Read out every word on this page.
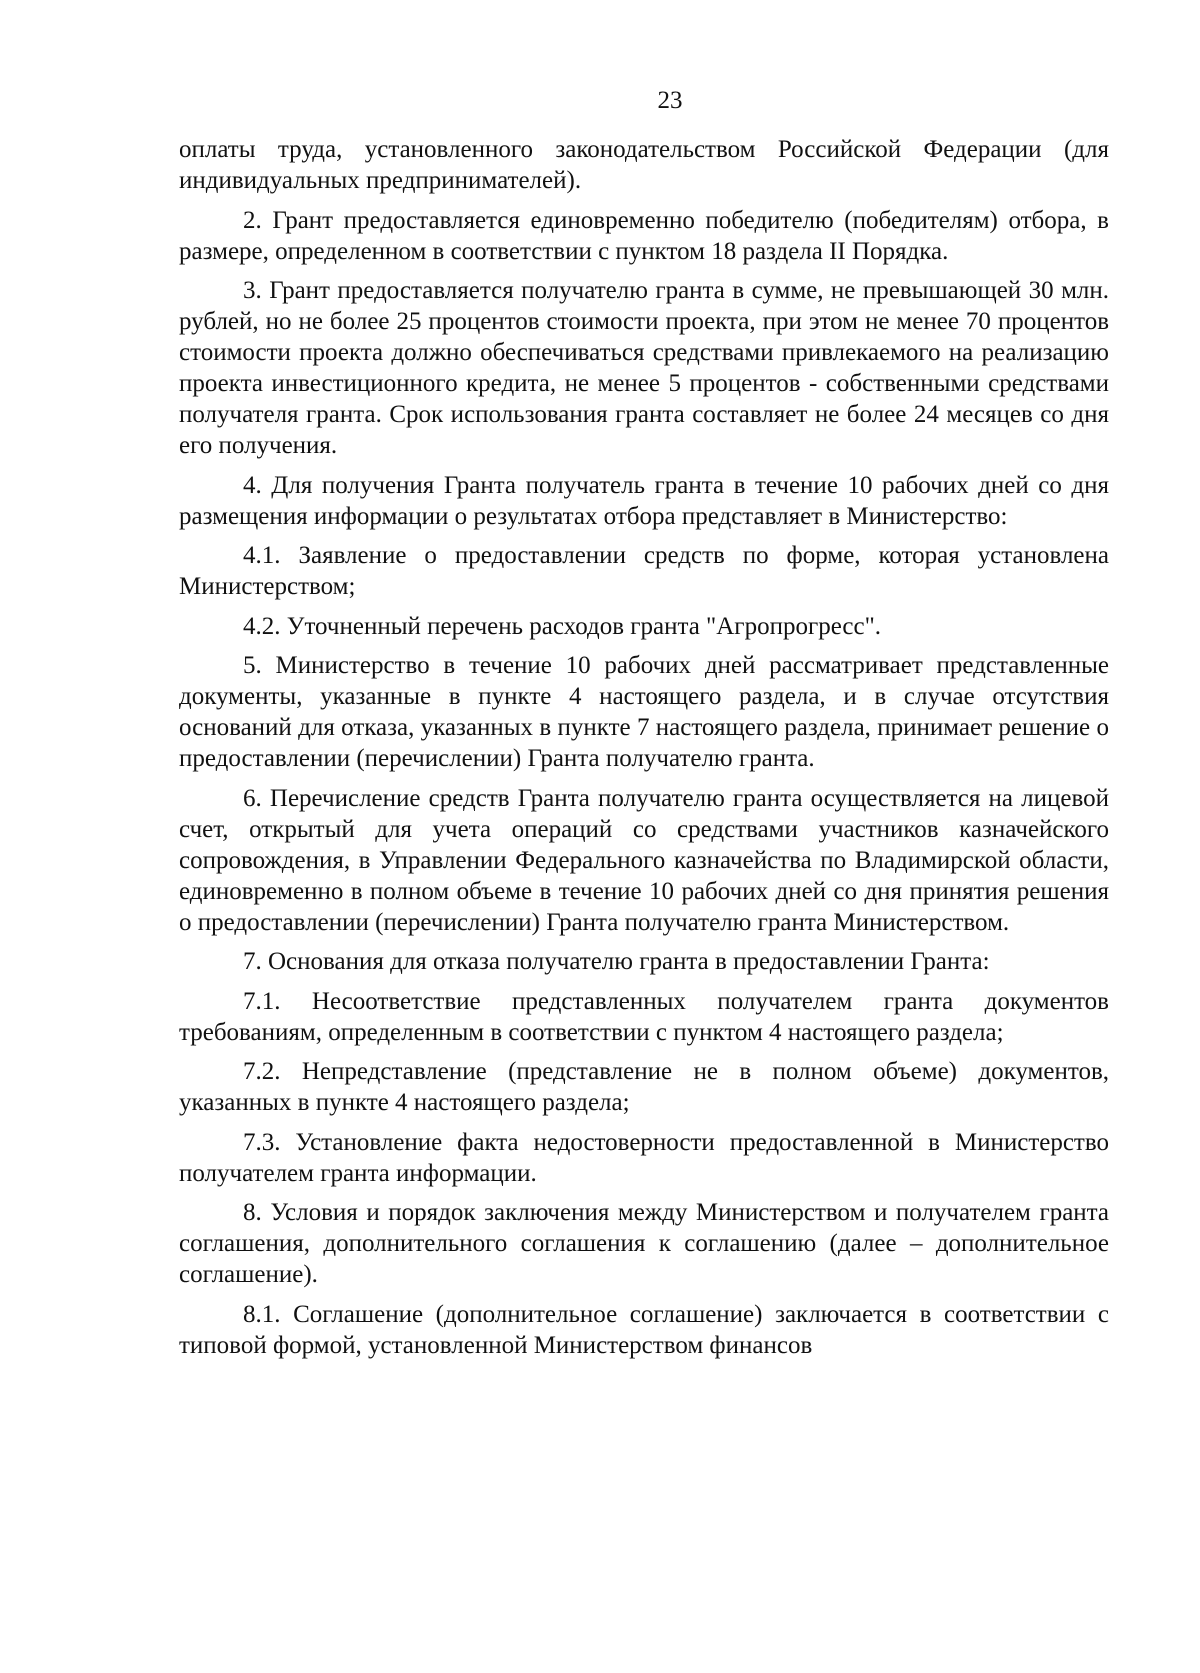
23

оплаты труда, установленного законодательством Российской Федерации (для индивидуальных предпринимателей).

2. Грант предоставляется единовременно победителю (победителям) отбора, в размере, определенном в соответствии с пунктом 18 раздела II Порядка.

3. Грант предоставляется получателю гранта в сумме, не превышающей 30 млн. рублей, но не более 25 процентов стоимости проекта, при этом не менее 70 процентов стоимости проекта должно обеспечиваться средствами привлекаемого на реализацию проекта инвестиционного кредита, не менее 5 процентов - собственными средствами получателя гранта. Срок использования гранта составляет не более 24 месяцев со дня его получения.

4. Для получения Гранта получатель гранта в течение 10 рабочих дней со дня размещения информации о результатах отбора представляет в Министерство:

4.1. Заявление о предоставлении средств по форме, которая установлена Министерством;

4.2. Уточненный перечень расходов гранта "Агропрогресс".

5. Министерство в течение 10 рабочих дней рассматривает представленные документы, указанные в пункте 4 настоящего раздела, и в случае отсутствия оснований для отказа, указанных в пункте 7 настоящего раздела, принимает решение о предоставлении (перечислении) Гранта получателю гранта.

6. Перечисление средств Гранта получателю гранта осуществляется на лицевой счет, открытый для учета операций со средствами участников казначейского сопровождения, в Управлении Федерального казначейства по Владимирской области, единовременно в полном объеме в течение 10 рабочих дней со дня принятия решения о предоставлении (перечислении) Гранта получателю гранта Министерством.

7. Основания для отказа получателю гранта в предоставлении Гранта:

7.1. Несоответствие представленных получателем гранта документов требованиям, определенным в соответствии с пунктом 4 настоящего раздела;

7.2. Непредставление (представление не в полном объеме) документов, указанных в пункте 4 настоящего раздела;

7.3. Установление факта недостоверности предоставленной в Министерство получателем гранта информации.

8. Условия и порядок заключения между Министерством и получателем гранта соглашения, дополнительного соглашения к соглашению (далее – дополнительное соглашение).

8.1. Соглашение (дополнительное соглашение) заключается в соответствии с типовой формой, установленной Министерством финансов
